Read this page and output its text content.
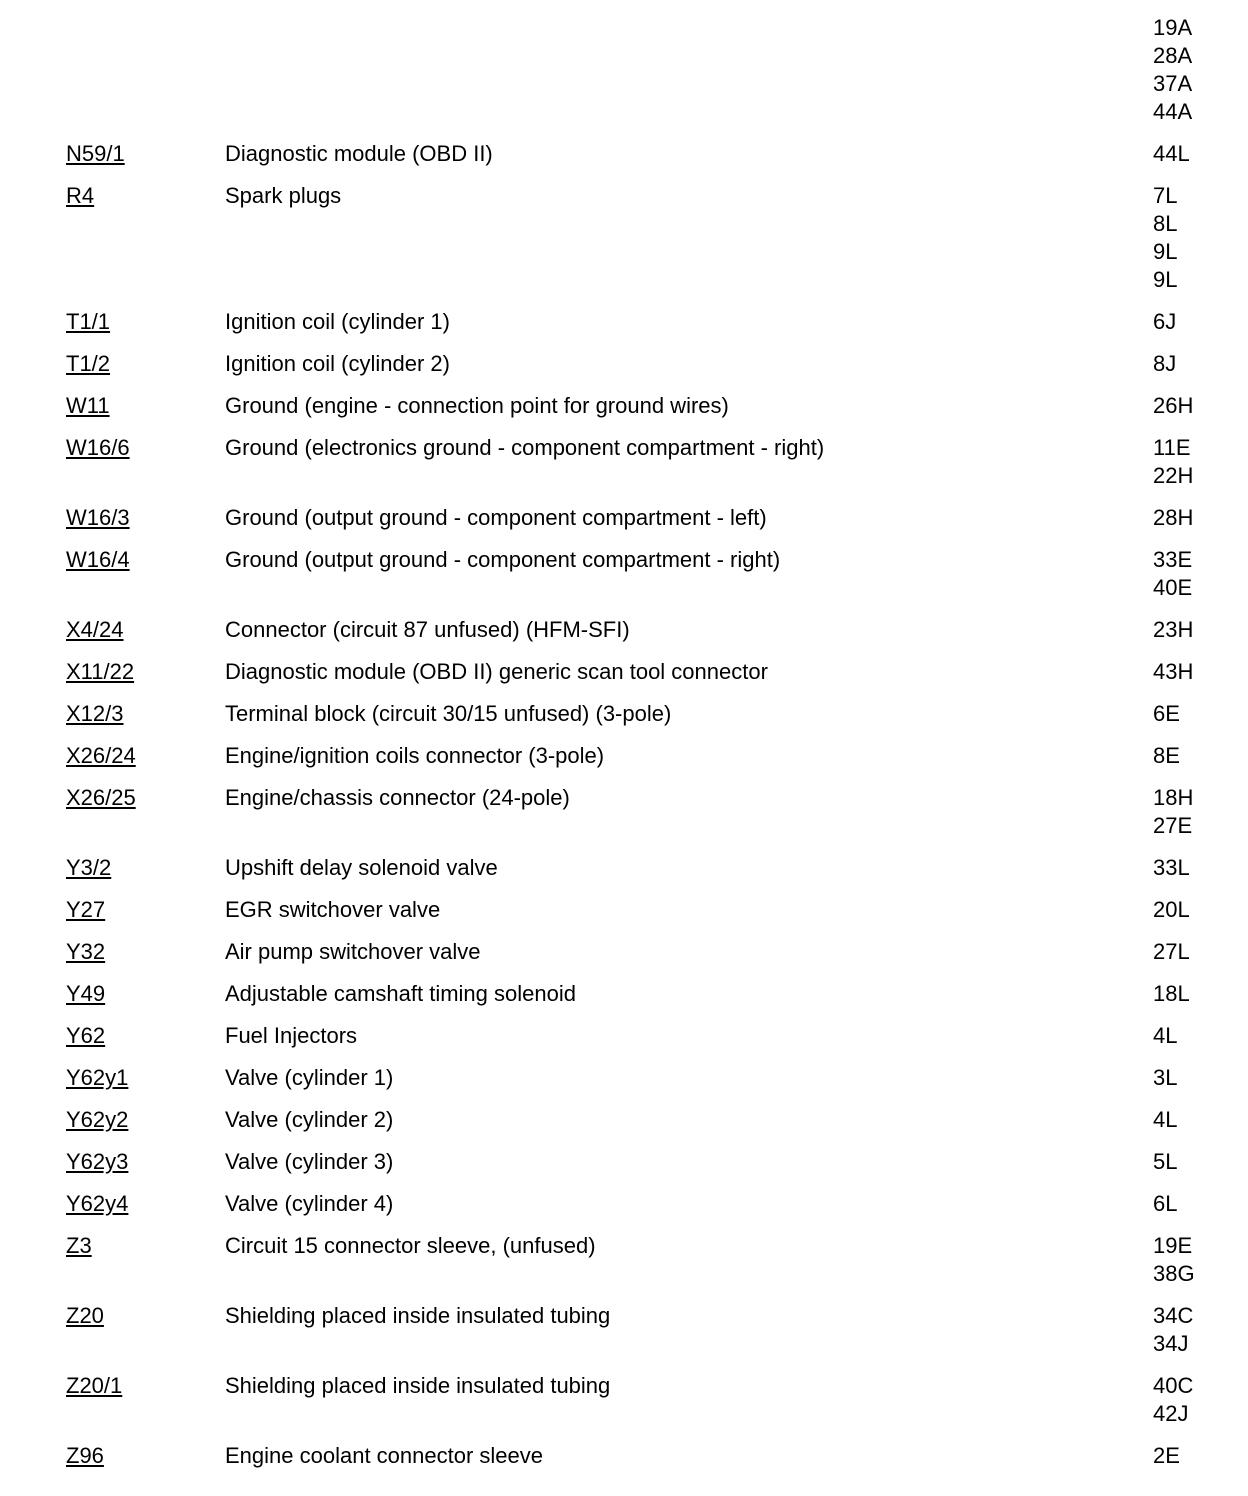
19A
28A
37A
44A
N59/1	Diagnostic module (OBD II)	44L
R4	Spark plugs	7L
8L
9L
9L
T1/1	Ignition coil (cylinder 1)	6J
T1/2	Ignition coil (cylinder 2)	8J
W11	Ground (engine - connection point for ground wires)	26H
W16/6	Ground (electronics ground - component compartment - right)	11E
22H
W16/3	Ground (output ground - component compartment - left)	28H
W16/4	Ground (output ground - component compartment - right)	33E
40E
X4/24	Connector (circuit 87 unfused) (HFM-SFI)	23H
X11/22	Diagnostic module (OBD II) generic scan tool connector	43H
X12/3	Terminal block (circuit 30/15 unfused) (3-pole)	6E
X26/24	Engine/ignition coils connector (3-pole)	8E
X26/25	Engine/chassis connector (24-pole)	18H
27E
Y3/2	Upshift delay solenoid valve	33L
Y27	EGR switchover valve	20L
Y32	Air pump switchover valve	27L
Y49	Adjustable camshaft timing solenoid	18L
Y62	Fuel Injectors	4L
Y62y1	Valve (cylinder 1)	3L
Y62y2	Valve (cylinder 2)	4L
Y62y3	Valve (cylinder 3)	5L
Y62y4	Valve (cylinder 4)	6L
Z3	Circuit 15 connector sleeve, (unfused)	19E
38G
Z20	Shielding placed inside insulated tubing	34C
34J
Z20/1	Shielding placed inside insulated tubing	40C
42J
Z96	Engine coolant connector sleeve	2E
